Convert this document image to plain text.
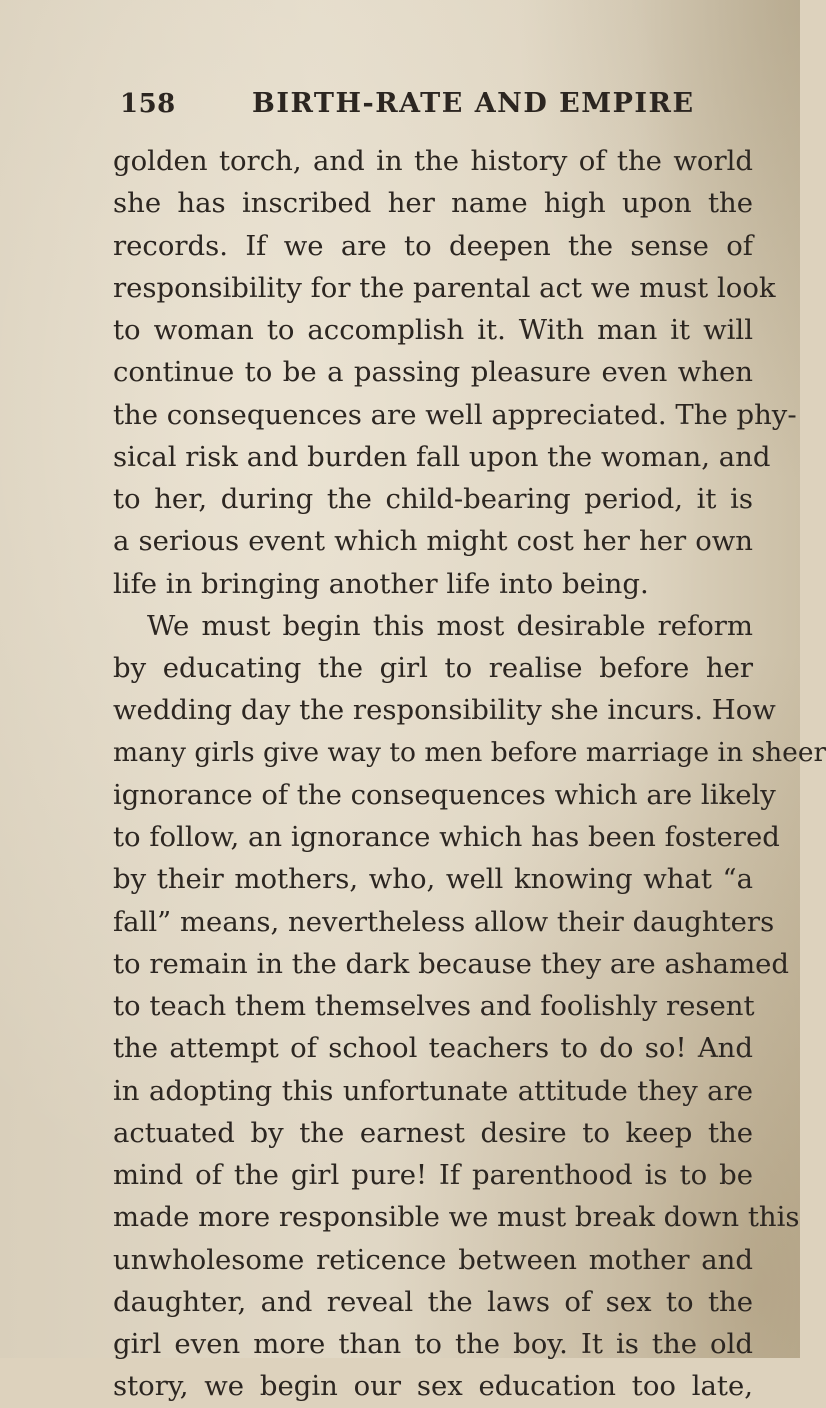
158	BIRTH-RATE AND EMPIRE
golden torch, and in the history of the world
she has inscribed her name high upon the
records. If we are to deepen the sense of
responsibility for the parental act we must look
to woman to accomplish it. With man it will
continue to be a passing pleasure even when
the consequences are well appreciated. The phy-
sical risk and burden fall upon the woman, and
to her, during the child-bearing period, it is
a serious event which might cost her her own
life in bringing another life into being.
We must begin this most desirable reform
by educating the girl to realise before her
wedding day the responsibility she incurs. How
many girls give way to men before marriage in sheer
ignorance of the consequences which are likely
to follow, an ignorance which has been fostered
by their mothers, who, well knowing what “a
fall” means, nevertheless allow their daughters
to remain in the dark because they are ashamed
to teach them themselves and foolishly resent
the attempt of school teachers to do so! And
in adopting this unfortunate attitude they are
actuated by the earnest desire to keep the
mind of the girl pure! If parenthood is to be
made more responsible we must break down this
unwholesome reticence between mother and
daughter, and reveal the laws of sex to the
girl even more than to the boy. It is the old
story, we begin our sex education too late,
